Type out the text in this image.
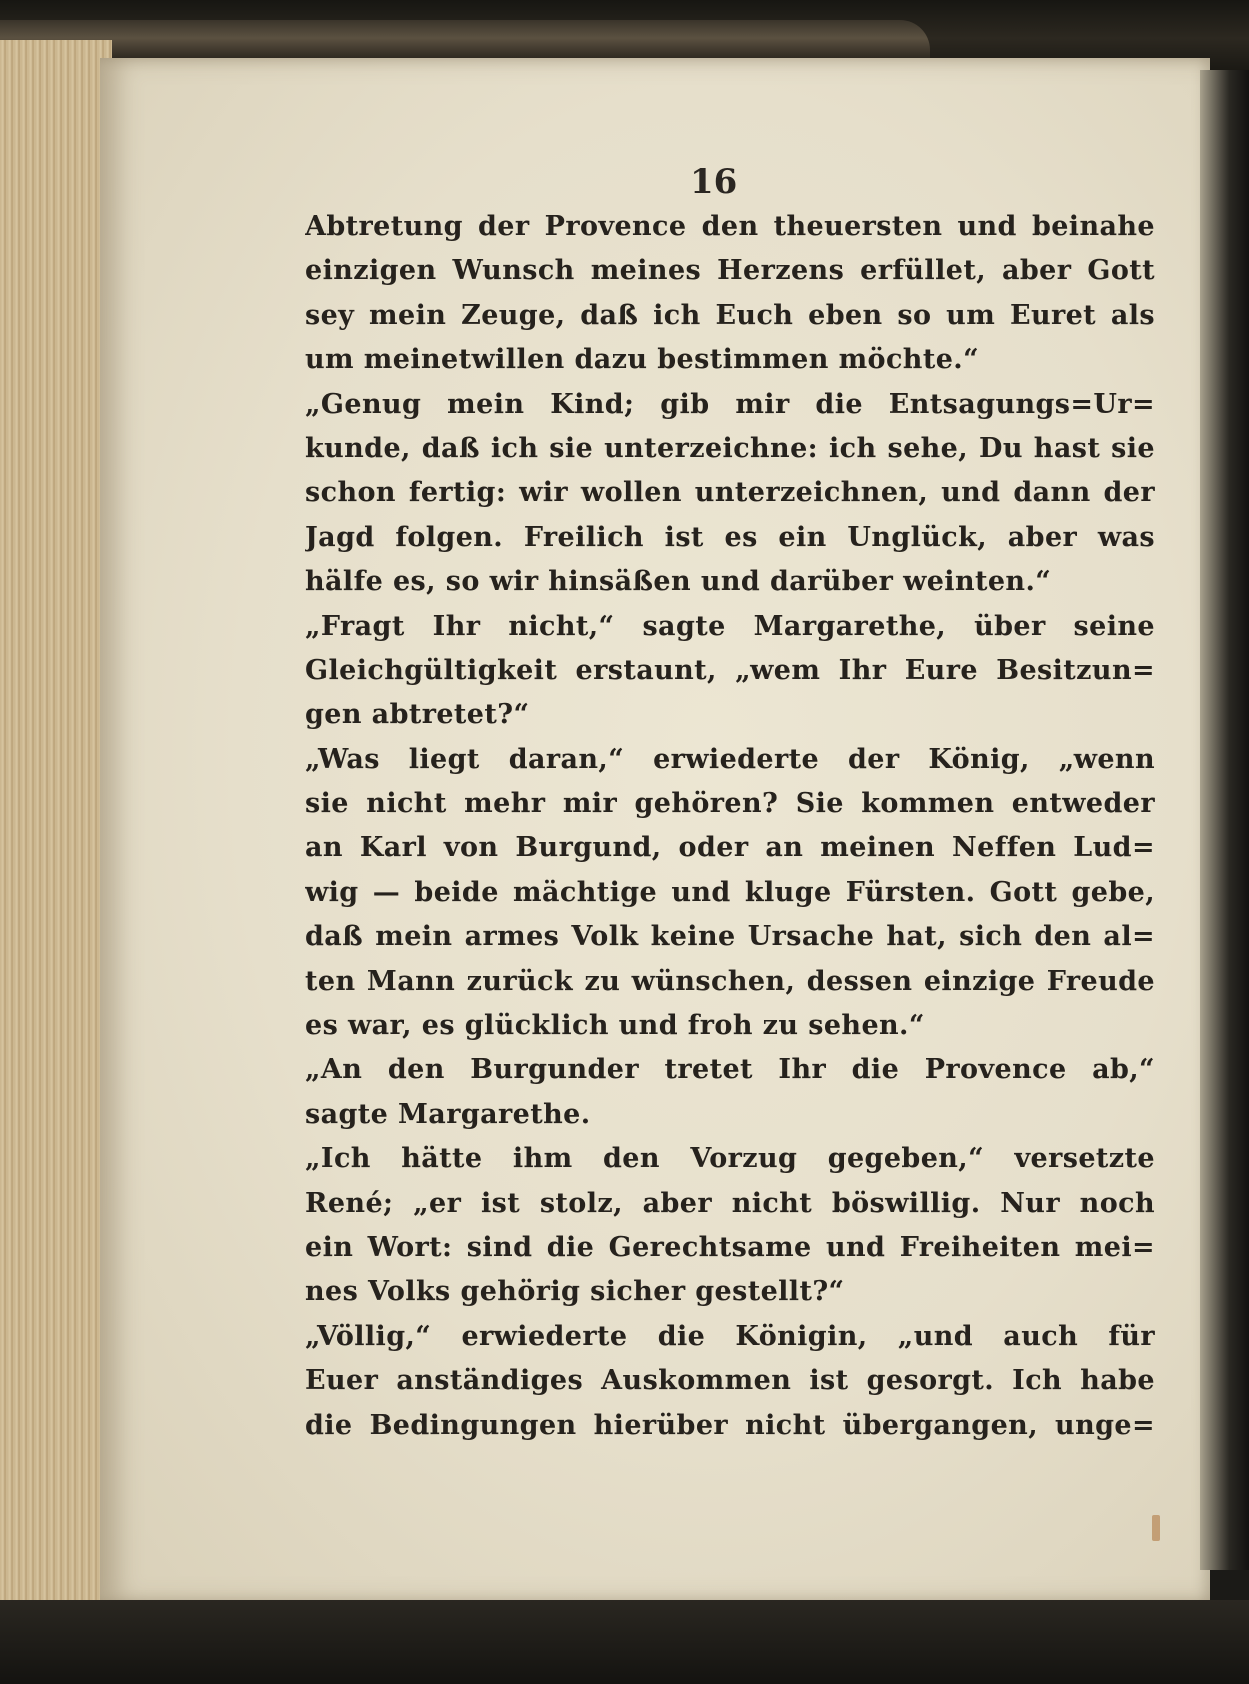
16
Abtretung der Provence den theuersten und beinahe
einzigen Wunsch meines Herzens erfüllet, aber Gott
sey mein Zeuge, daß ich Euch eben so um Euret als
um meinetwillen dazu bestimmen möchte.“
„Genug mein Kind; gib mir die Entsagungs=Ur=
kunde, daß ich sie unterzeichne: ich sehe, Du hast sie
schon fertig: wir wollen unterzeichnen, und dann der
Jagd folgen. Freilich ist es ein Unglück, aber was
hälfe es, so wir hinsäßen und darüber weinten.“
„Fragt Ihr nicht,“ sagte Margarethe, über seine
Gleichgültigkeit erstaunt, „wem Ihr Eure Besitzun=
gen abtretet?“
„Was liegt daran,“ erwiederte der König, „wenn
sie nicht mehr mir gehören? Sie kommen entweder
an Karl von Burgund, oder an meinen Neffen Lud=
wig — beide mächtige und kluge Fürsten. Gott gebe,
daß mein armes Volk keine Ursache hat, sich den al=
ten Mann zurück zu wünschen, dessen einzige Freude
es war, es glücklich und froh zu sehen.“
„An den Burgunder tretet Ihr die Provence ab,“
sagte Margarethe.
„Ich hätte ihm den Vorzug gegeben,“ versetzte
René; „er ist stolz, aber nicht böswillig. Nur noch
ein Wort: sind die Gerechtsame und Freiheiten mei=
nes Volks gehörig sicher gestellt?“
„Völlig,“ erwiederte die Königin, „und auch für
Euer anständiges Auskommen ist gesorgt. Ich habe
die Bedingungen hierüber nicht übergangen, unge=
